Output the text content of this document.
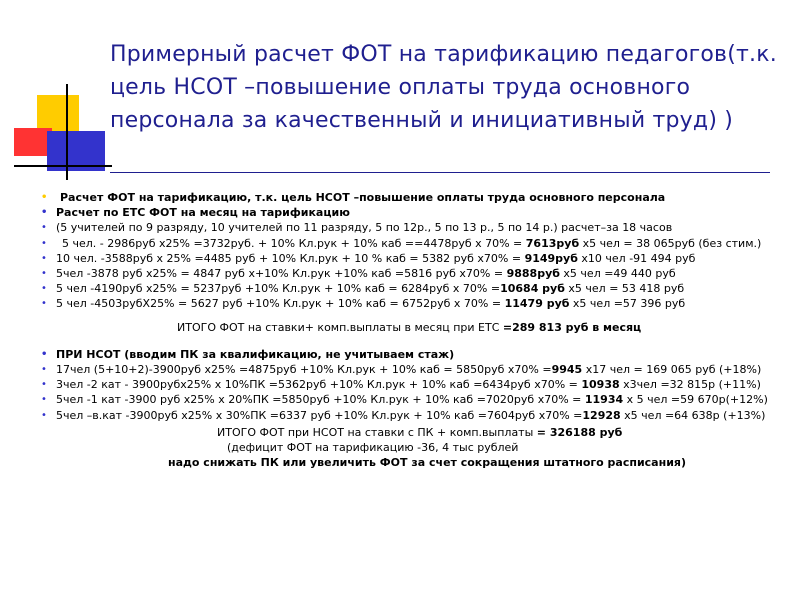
Примерный расчет ФОТ на тарификацию педагогов(т.к. цель НСОТ –повышение оплаты труда основного персонала за качественный и инициативный труд) )

• Расчет ФОТ на тарификацию, т.к. цель НСОТ –повышение оплаты труда основного персонала

• Расчет по ЕТС ФОТ на месяц на тарификацию

• (5 учителей по 9 разряду, 10 учителей по 11 разряду, 5 по 12р., 5 по 13 р., 5 по 14 р.) расчет–за 18 часов

• 5 чел. - 2986руб х25% =3732руб. + 10% Кл.рук + 10% каб ==4478руб х 70% = 7613руб х5 чел = 38 065руб (без стим.)

• 10 чел. -3588руб х 25% =4485 руб + 10% Кл.рук + 10 % каб = 5382 руб х70% = 9149руб х10 чел -91 494 руб

• 5чел -3878 руб х25% = 4847 руб х+10% Кл.рук +10% каб =5816 руб х70% = 9888руб х5 чел =49 440 руб

• 5 чел -4190руб х25% = 5237руб +10% Кл.рук + 10% каб = 6284руб х 70% =10684 руб х5 чел = 53 418 руб

• 5 чел -4503рубХ25% = 5627 руб +10% Кл.рук + 10% каб = 6752руб х 70% = 11479 руб х5 чел =57 396 руб

ИТОГО ФОТ на ставки+ комп.выплаты в месяц при ЕТС =289 813 руб в месяц

• ПРИ НСОТ (вводим ПК за квалификацию, не учитываем стаж)

• 17чел (5+10+2)-3900руб х25% =4875руб +10% Кл.рук + 10% каб = 5850руб х70% =9945 х17 чел = 169 065 руб (+18%)

• 3чел -2 кат - 3900рубх25% х 10%ПК =5362руб +10% Кл.рук + 10% каб =6434руб х70% = 10938 х3чел =32 815р (+11%)

• 5чел -1 кат -3900 руб х25% х 20%ПК =5850руб +10% Кл.рук + 10% каб =7020руб х70% = 11934 х 5 чел =59 670р(+12%)

• 5чел –в.кат -3900руб х25% х 30%ПК =6337 руб +10% Кл.рук + 10% каб =7604руб х70% =12928 х5 чел =64 638р (+13%)

ИТОГО ФОТ при НСОТ на ставки с ПК + комп.выплаты = 326188 руб

(дефицит ФОТ на тарификацию -36, 4 тыс рублей

надо снижать ПК или увеличить ФОТ за счет сокращения штатного расписания)
